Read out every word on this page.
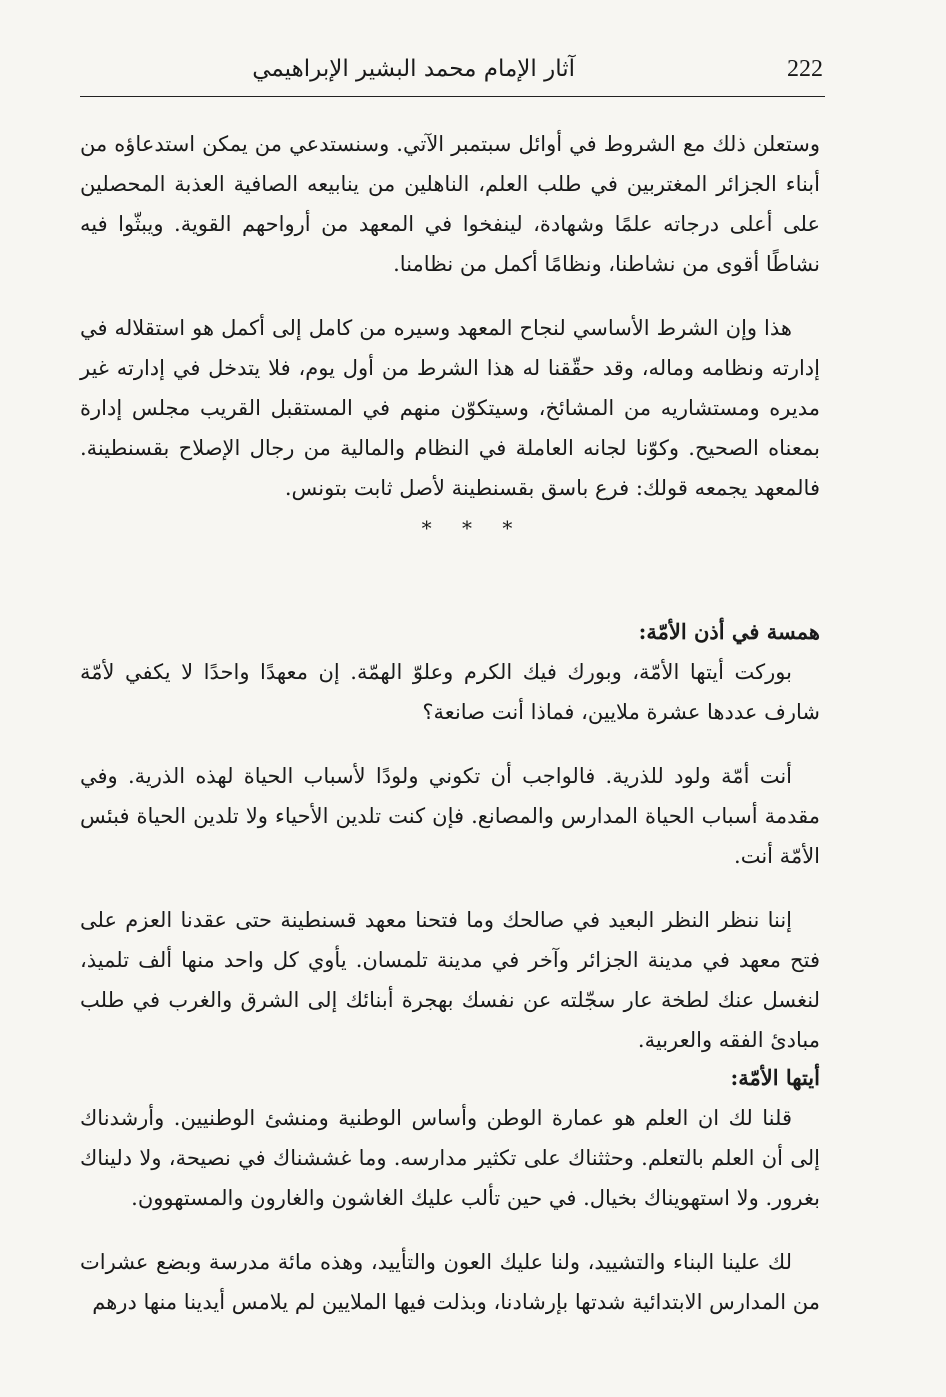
222
آثار الإمام محمد البشير الإبراهيمي

وستعلن ذلك مع الشروط في أوائل سبتمبر الآتي. وسنستدعي من يمكن استدعاؤه من أبناء الجزائر المغتربين في طلب العلم، الناهلين من ينابيعه الصافية العذبة المحصلين على أعلى درجاته علمًا وشهادة، لينفخوا في المعهد من أرواحهم القوية. ويبثّوا فيه نشاطًا أقوى من نشاطنا، ونظامًا أكمل من نظامنا.

هذا وإن الشرط الأساسي لنجاح المعهد وسيره من كامل إلى أكمل هو استقلاله في إدارته ونظامه وماله، وقد حقّقنا له هذا الشرط من أول يوم، فلا يتدخل في إدارته غير مديره ومستشاريه من المشائخ، وسيتكوّن منهم في المستقبل القريب مجلس إدارة بمعناه الصحيح. وكوّنا لجانه العاملة في النظام والمالية من رجال الإصلاح بقسنطينة. فالمعهد يجمعه قولك: فرع باسق بقسنطينة لأصل ثابت بتونس.

* * *
همسة في أذن الأمّة:

بوركت أيتها الأمّة، وبورك فيك الكرم وعلوّ الهمّة. إن معهدًا واحدًا لا يكفي لأمّة شارف عددها عشرة ملايين، فماذا أنت صانعة؟

أنت أمّة ولود للذرية. فالواجب أن تكوني ولودًا لأسباب الحياة لهذه الذرية. وفي مقدمة أسباب الحياة المدارس والمصانع. فإن كنت تلدين الأحياء ولا تلدين الحياة فبئس الأمّة أنت.

إننا ننظر النظر البعيد في صالحك وما فتحنا معهد قسنطينة حتى عقدنا العزم على فتح معهد في مدينة الجزائر وآخر في مدينة تلمسان. يأوي كل واحد منها ألف تلميذ، لنغسل عنك لطخة عار سجّلته عن نفسك بهجرة أبنائك إلى الشرق والغرب في طلب مبادئ الفقه والعربية.

أيتها الأمّة:

قلنا لك ان العلم هو عمارة الوطن وأساس الوطنية ومنشئ الوطنيين. وأرشدناك إلى أن العلم بالتعلم. وحثثناك على تكثير مدارسه. وما غششناك في نصيحة، ولا دليناك بغرور. ولا استهويناك بخيال. في حين تألب عليك الغاشون والغارون والمستهوون.

لك علينا البناء والتشييد، ولنا عليك العون والتأييد، وهذه مائة مدرسة وبضع عشرات من المدارس الابتدائية شدتها بإرشادنا، وبذلت فيها الملايين لم يلامس أيدينا منها درهم
